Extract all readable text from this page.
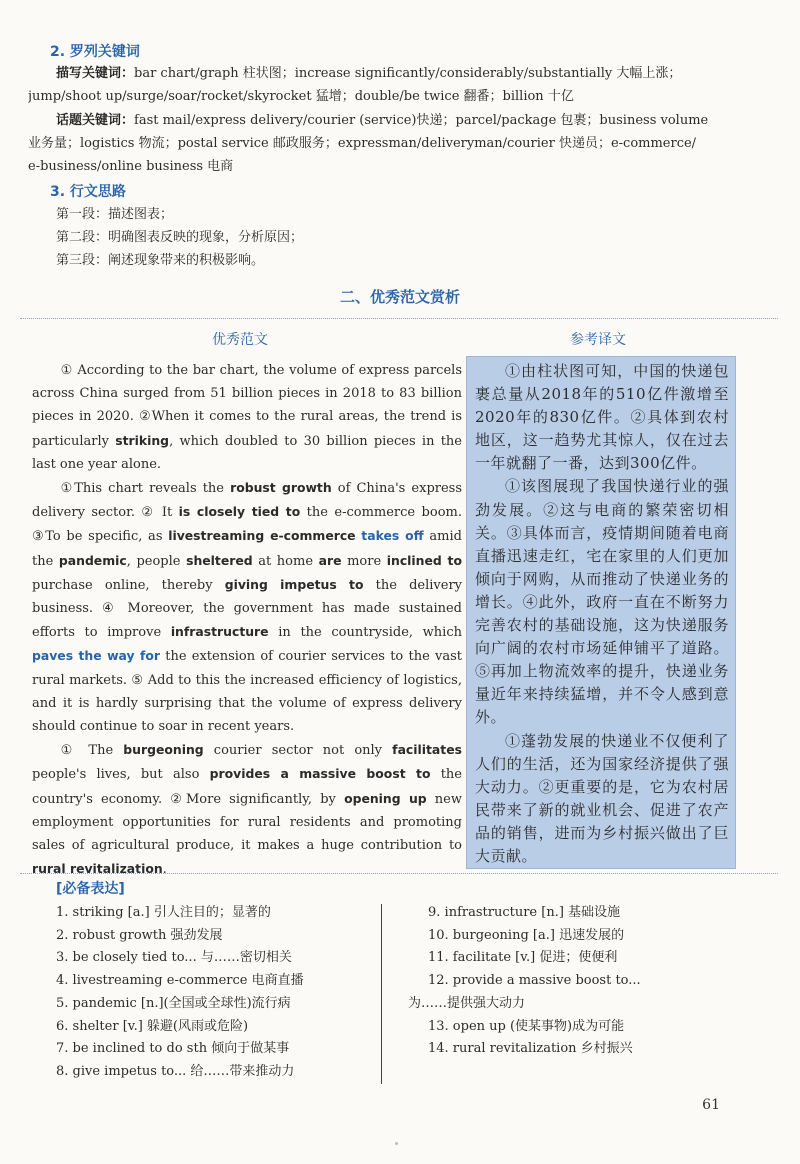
2. 罗列关键词
描写关键词：bar chart/graph 柱状图；increase significantly/considerably/substantially 大幅上涨；
jump/shoot up/surge/soar/rocket/skyrocket 猛增；double/be twice 翻番；billion 十亿
话题关键词：fast mail/express delivery/courier (service)快递；parcel/package 包裹；business volume
业务量；logistics 物流；postal service 邮政服务；expressman/deliveryman/courier 快递员；e-commerce/
e-business/online business 电商
3. 行文思路
第一段：描述图表；
第二段：明确图表反映的现象，分析原因；
第三段：阐述现象带来的积极影响。
二、优秀范文赏析
优秀范文	参考译文

① According to the bar chart, the volume of express parcels across China surged from 51 billion pieces in 2018 to 83 billion pieces in 2020. ②When it comes to the rural areas, the trend is particularly striking, which doubled to 30 billion pieces in the last one year alone.

①This chart reveals the robust growth of China's express delivery sector. ② It is closely tied to the e-commerce boom. ③To be specific, as livestreaming e-commerce takes off amid the pandemic, people sheltered at home are more inclined to purchase online, thereby giving impetus to the delivery business. ④ Moreover, the government has made sustained efforts to improve infrastructure in the countryside, which paves the way for the extension of courier services to the vast rural markets. ⑤ Add to this the increased efficiency of logistics, and it is hardly surprising that the volume of express delivery should continue to soar in recent years.

① The burgeoning courier sector not only facilitates people's lives, but also provides a massive boost to the country's economy. ②More significantly, by opening up new employment opportunities for rural residents and promoting sales of agricultural produce, it makes a huge contribution to rural revitalization.

①由柱状图可知，中国的快递包裹总量从2018年的510亿件激增至2020年的830亿件。②具体到农村地区，这一趋势尤其惊人，仅在过去一年就翻了一番，达到300亿件。

①该图展现了我国快递行业的强劲发展。②这与电商的繁荣密切相关。③具体而言，疫情期间随着电商直播迅速走红，宅在家里的人们更加倾向于网购，从而推动了快递业务的增长。④此外，政府一直在不断努力完善农村的基础设施，这为快递服务向广阔的农村市场延伸铺平了道路。⑤再加上物流效率的提升，快递业务量近年来持续猛增，并不令人感到意外。

①蓬勃发展的快递业不仅便利了人们的生活，还为国家经济提供了强大动力。②更重要的是，它为农村居民带来了新的就业机会、促进了农产品的销售，进而为乡村振兴做出了巨大贡献。

[必备表达]
1. striking [a.] 引人注目的；显著的
2. robust growth 强劲发展
3. be closely tied to... 与……密切相关
4. livestreaming e-commerce 电商直播
5. pandemic [n.](全国或全球性)流行病
6. shelter [v.] 躲避(风雨或危险)
7. be inclined to do sth 倾向于做某事
8. give impetus to... 给……带来推动力
9. infrastructure [n.] 基础设施
10. burgeoning [a.] 迅速发展的
11. facilitate [v.] 促进；使便利
12. provide a massive boost to...
为……提供强大动力
13. open up (使某事物)成为可能
14. rural revitalization 乡村振兴
61
